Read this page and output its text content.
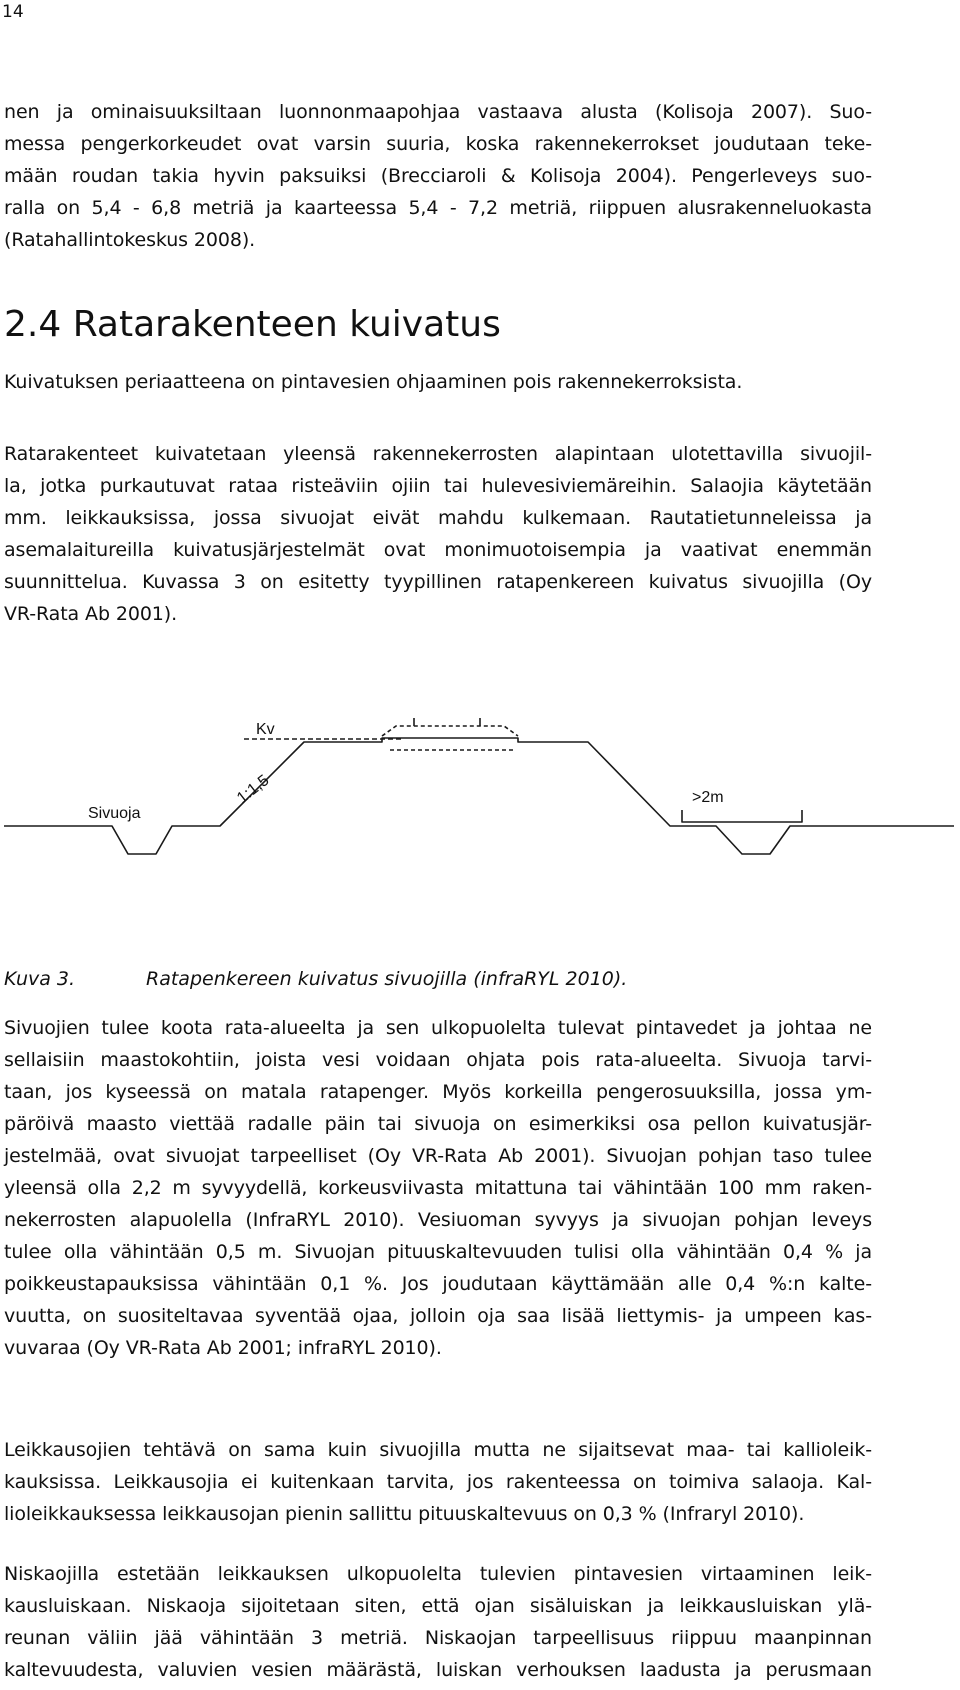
14
nen ja ominaisuuksiltaan luonnonmaapohjaa vastaava alusta (Kolisoja 2007). Suo-
messa pengerkorkeudet ovat varsin suuria, koska rakennekerrokset joudutaan teke-
mään roudan takia hyvin paksuiksi (Brecciaroli & Kolisoja 2004). Pengerleveys suo-
ralla on 5,4 - 6,8 metriä ja kaarteessa 5,4 - 7,2 metriä, riippuen alusrakenneluokasta
(Ratahallintokeskus 2008).
2.4 Ratarakenteen kuivatus
Kuivatuksen periaatteena on pintavesien ohjaaminen pois rakennekerroksista.
Ratarakenteet kuivatetaan yleensä rakennekerrosten alapintaan ulotettavilla sivuojil-
la, jotka purkautuvat rataa risteäviin ojiin tai hulevesiviemäreihin. Salaojia käytetään
mm. leikkauksissa, jossa sivuojat eivät mahdu kulkemaan. Rautatietunneleissa ja
asemalaitureilla kuivatusjärjestelmät ovat monimuotoisempia ja vaativat enemmän
suunnittelua. Kuvassa 3 on esitetty tyypillinen ratapenkereen kuivatus sivuojilla (Oy
VR-Rata Ab 2001).
Kv
1:1,5
Sivuoja
>2m
Kuva 3.	Ratapenkereen kuivatus sivuojilla (infraRYL 2010).
Sivuojien tulee koota rata-alueelta ja sen ulkopuolelta tulevat pintavedet ja johtaa ne
sellaisiin maastokohtiin, joista vesi voidaan ohjata pois rata-alueelta. Sivuoja tarvi-
taan, jos kyseessä on matala ratapenger. Myös korkeilla pengerosuuksilla, jossa ym-
päröivä maasto viettää radalle päin tai sivuoja on esimerkiksi osa pellon kuivatusjär-
jestelmää, ovat sivuojat tarpeelliset (Oy VR-Rata Ab 2001). Sivuojan pohjan taso tulee
yleensä olla 2,2 m syvyydellä, korkeusviivasta mitattuna tai vähintään 100 mm raken-
nekerrosten alapuolella (InfraRYL 2010). Vesiuoman syvyys ja sivuojan pohjan leveys
tulee olla vähintään 0,5 m. Sivuojan pituuskaltevuuden tulisi olla vähintään 0,4 % ja
poikkeustapauksissa vähintään 0,1 %. Jos joudutaan käyttämään alle 0,4 %:n kalte-
vuutta, on suositeltavaa syventää ojaa, jolloin oja saa lisää liettymis- ja umpeen kas-
vuvaraa (Oy VR-Rata Ab 2001; infraRYL 2010).
Leikkausojien tehtävä on sama kuin sivuojilla mutta ne sijaitsevat maa- tai kallioleik-
kauksissa. Leikkausojia ei kuitenkaan tarvita, jos rakenteessa on toimiva salaoja. Kal-
lioleikkauksessa leikkausojan pienin sallittu pituuskaltevuus on 0,3 % (Infraryl 2010).
Niskaojilla estetään leikkauksen ulkopuolelta tulevien pintavesien virtaaminen leik-
kausluiskaan. Niskaoja sijoitetaan siten, että ojan sisäluiskan ja leikkausluiskan ylä-
reunan väliin jää vähintään 3 metriä. Niskaojan tarpeellisuus riippuu maanpinnan
kaltevuudesta, valuvien vesien määrästä, luiskan verhouksen laadusta ja perusmaan
